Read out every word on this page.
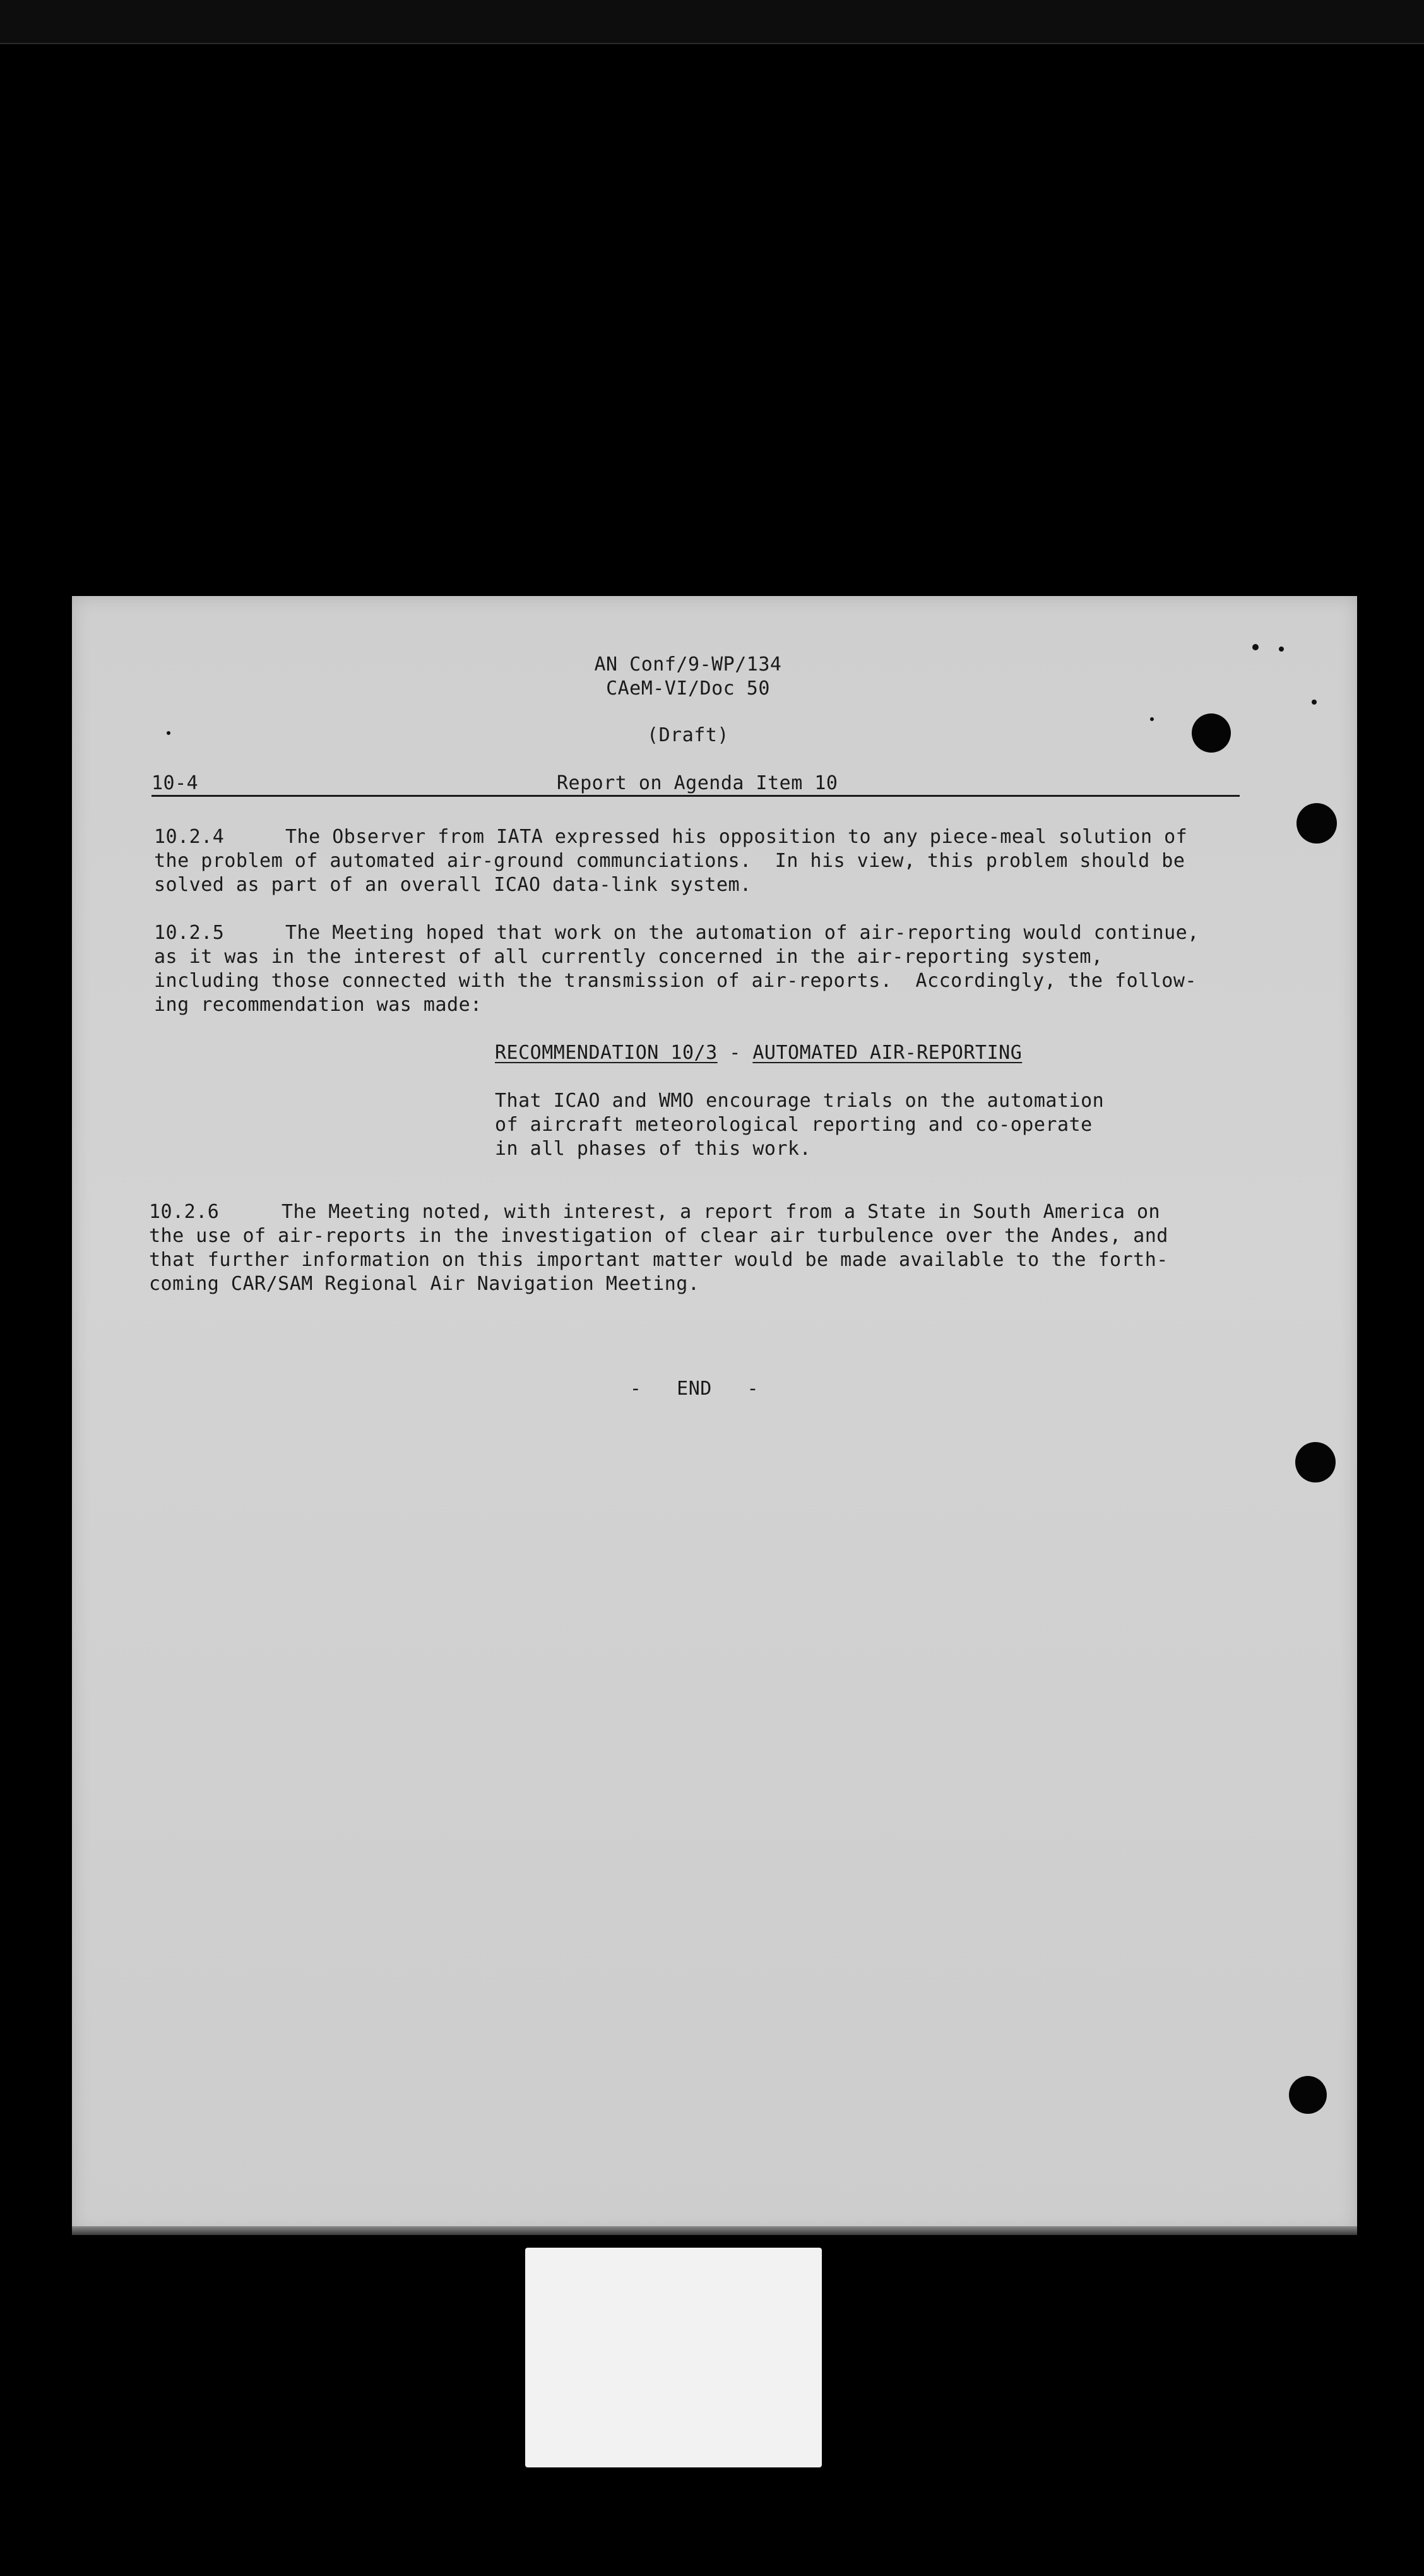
AN Conf/9-WP/134
CAeM-VI/Doc 50
(Draft)
10-4	Report on Agenda Item 10
10.2.4	The Observer from IATA expressed his opposition to any piece-meal solution of
the problem of automated air-ground communciations.  In his view, this problem should be
solved as part of an overall ICAO data-link system.
10.2.5	The Meeting hoped that work on the automation of air-reporting would continue,
as it was in the interest of all currently concerned in the air-reporting system,
including those connected with the transmission of air-reports.  Accordingly, the follow-
ing recommendation was made:
RECOMMENDATION 10/3 - AUTOMATED AIR-REPORTING
That ICAO and WMO encourage trials on the automation
of aircraft meteorological reporting and co-operate
in all phases of this work.
10.2.6	The Meeting noted, with interest, a report from a State in South America on
the use of air-reports in the investigation of clear air turbulence over the Andes, and
that further information on this important matter would be made available to the forth-
coming CAR/SAM Regional Air Navigation Meeting.
-   END   -
